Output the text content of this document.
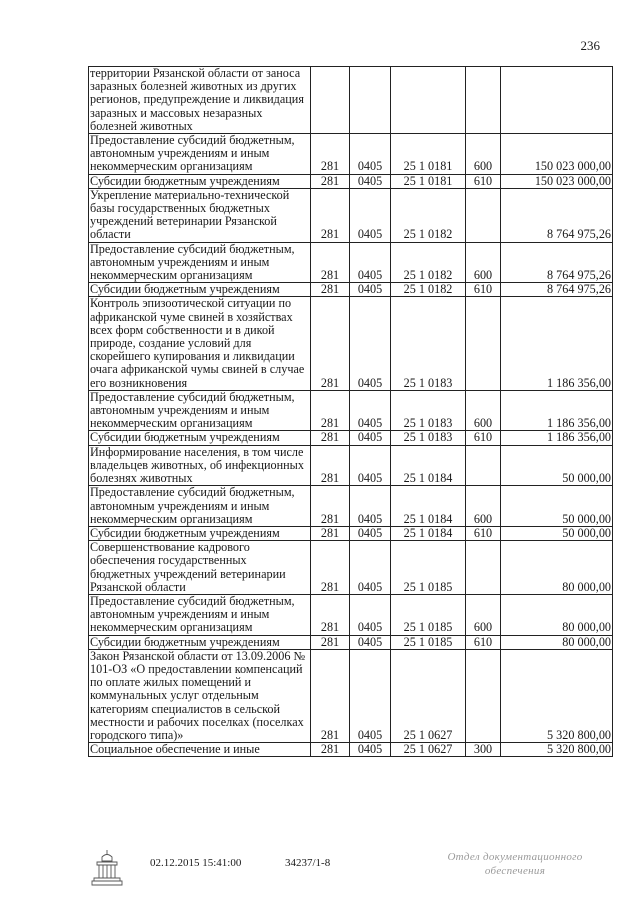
236
территории Рязанской области от заноса заразных болезней животных из других регионов, предупреждение и ликвидация заразных и массовых незаразных болезней животных					
Предоставление субсидий бюджетным, автономным учреждениям и иным некоммерческим организациям	281	0405	25 1 0181	600	150 023 000,00
Субсидии бюджетным учреждениям	281	0405	25 1 0181	610	150 023 000,00
Укрепление материально-технической базы государственных бюджетных учреждений ветеринарии Рязанской области	281	0405	25 1 0182		8 764 975,26
Предоставление субсидий бюджетным, автономным учреждениям и иным некоммерческим организациям	281	0405	25 1 0182	600	8 764 975,26
Субсидии бюджетным учреждениям	281	0405	25 1 0182	610	8 764 975,26
Контроль эпизоотической ситуации по африканской чуме свиней в хозяйствах всех форм собственности и в дикой природе, создание условий для скорейшего купирования и ликвидации очага африканской чумы свиней в случае его возникновения	281	0405	25 1 0183		1 186 356,00
Предоставление субсидий бюджетным, автономным учреждениям и иным некоммерческим организациям	281	0405	25 1 0183	600	1 186 356,00
Субсидии бюджетным учреждениям	281	0405	25 1 0183	610	1 186 356,00
Информирование населения, в том числе владельцев животных, об инфекционных болезнях животных	281	0405	25 1 0184		50 000,00
Предоставление субсидий бюджетным, автономным учреждениям и иным некоммерческим организациям	281	0405	25 1 0184	600	50 000,00
Субсидии бюджетным учреждениям	281	0405	25 1 0184	610	50 000,00
Совершенствование кадрового обеспечения государственных бюджетных учреждений ветеринарии Рязанской области	281	0405	25 1 0185		80 000,00
Предоставление субсидий бюджетным, автономным учреждениям и иным некоммерческим организациям	281	0405	25 1 0185	600	80 000,00
Субсидии бюджетным учреждениям	281	0405	25 1 0185	610	80 000,00
Закон Рязанской области от 13.09.2006 № 101-ОЗ «О предоставлении компенсаций по оплате жилых помещений и коммунальных услуг отдельным категориям специалистов в сельской местности и рабочих поселках (поселках городского типа)»	281	0405	25 1 0627		5 320 800,00
Социальное обеспечение и иные	281	0405	25 1 0627	300	5 320 800,00
02.12.2015 15:41:00	34237/1-8	Отдел документационного обеспечения
